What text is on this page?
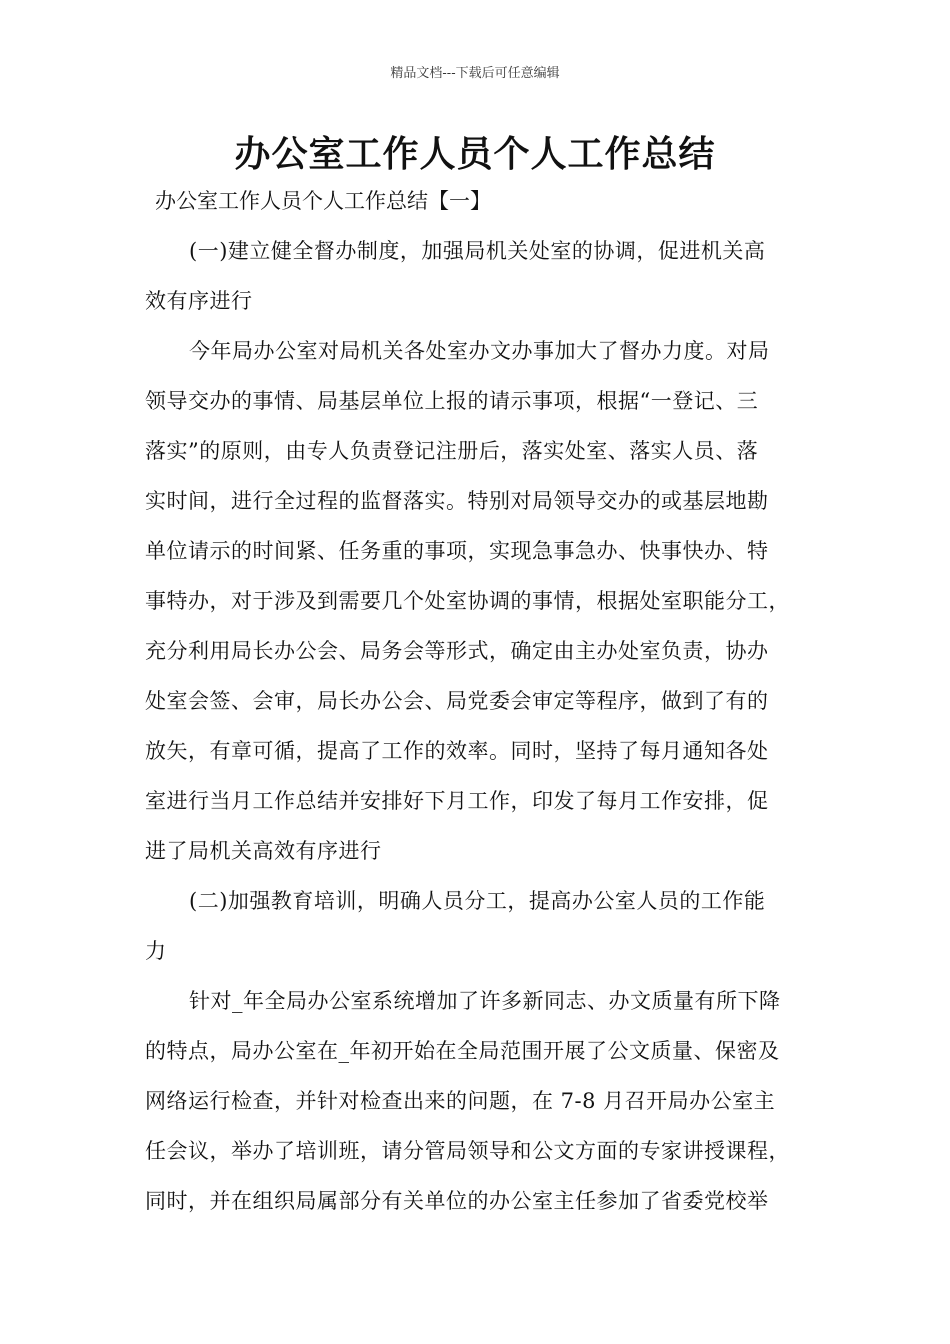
精品文档---下载后可任意编辑
办公室工作人员个人工作总结
办公室工作人员个人工作总结【一】
(一)建立健全督办制度，加强局机关处室的协调，促进机关高
效有序进行
今年局办公室对局机关各处室办文办事加大了督办力度。对局
领导交办的事情、局基层单位上报的请示事项，根据“一登记、三
落实”的原则，由专人负责登记注册后，落实处室、落实人员、落
实时间，进行全过程的监督落实。特别对局领导交办的或基层地勘
单位请示的时间紧、任务重的事项，实现急事急办、快事快办、特
事特办，对于涉及到需要几个处室协调的事情，根据处室职能分工，
充分利用局长办公会、局务会等形式，确定由主办处室负责，协办
处室会签、会审，局长办公会、局党委会审定等程序，做到了有的
放矢，有章可循，提高了工作的效率。同时，坚持了每月通知各处
室进行当月工作总结并安排好下月工作，印发了每月工作安排，促
进了局机关高效有序进行
(二)加强教育培训，明确人员分工，提高办公室人员的工作能
力
针对_年全局办公室系统增加了许多新同志、办文质量有所下降
的特点，局办公室在_年初开始在全局范围开展了公文质量、保密及
网络运行检查，并针对检查出来的问题，在 7-8 月召开局办公室主
任会议，举办了培训班，请分管局领导和公文方面的专家讲授课程，
同时，并在组织局属部分有关单位的办公室主任参加了省委党校举
